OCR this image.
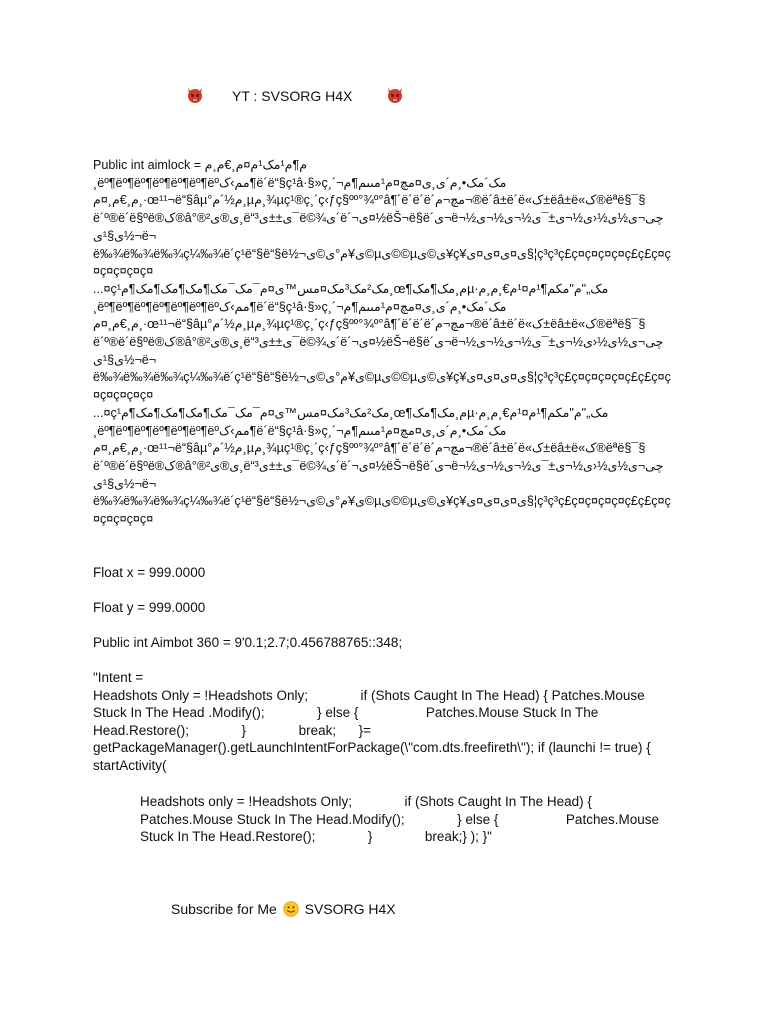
YT : SVSORG H4X
Public int aimlock = م¶م¹مک¹م¤م¸€م¸م
¸ëº¶ëº¶ëº¶ëº¶ëº¶ëº¶ëºمم›ک¶ë´ë“§ç¹â·§»ç¸´¬مک´مک•¸م´ى¸ى¤مچ¤م¹مںںم¶م
م¸€م¸¤م¸·œ¹¹¬ë“§âµ°م½´م¸µم¸¾µç¹®ç¸´ç‹ƒç§ºº°¾º°â¶´ë´ë´ë´مچ¬م¬®ë´â±ë´ë«ک±ëâ±ë«ک®ëªë§¯§
ë´º®ë´ë§ºë®ک®â°®²ى®ى¸ë“³ى±±ى¯ë©¾ى´ë´¬ى¤½ëŠ¬ë§ë´ى¬ëچى¬ى½ى½‹ى½¬ى±¯ى½¬ى½¬ى½¬ى§¹ى½¬ë¬
ë‰¾ë‰¾ë‰¾ç¼‰¾ë´ç¹ë“§ë“§ë½¬ى¥م°ى©ى©µى©©µى©ى¥ç¥ى¤ى¤ى¤ى§¦ç³ç³ç£ç¤ç¤ç¤ç¤ç£ç£ç¤ç¤ç¤ç¤ç¤ç¤
...¤ç¹مک²مک³مک¤مس™ى¤م¯مک¯مک¶مک¶مک¶مک¶م¸œ¶م¸مک¶مکµ·مک„"م"مکم¶¹م¤¹م€¸م¸م
¸ëº¶ëº¶ëº¶ëº¶ëº¶ëº¶ëºمم›ک¶ë´ë“§ç¹â·§»ç¸´¬مک´مک•¸م´ى¸ى¤مچ¤م¹مںںم¶م
م¸€م¸¤م¸·œ¹¹¬ë“§âµ°م½´م¸µم¸¾µç¹®ç¸´ç‹ƒç§ºº°¾º°â¶´ë´ë´ë´مچ¬م¬®ë´â±ë´ë«ک±ëâ±ë«ک®ëªë§¯§
ë´º®ë´ë§ºë®ک®â°®²ى®ى¸ë“³ى±±ى¯ë©¾ى´ë´¬ى¤½ëŠ¬ë§ë´ى¬ëچى¬ى½ى½‹ى½¬ى±¯ى½¬ى½¬ى½¬ى§¹ى½¬ë¬
ë‰¾ë‰¾ë‰¾ç¼‰¾ë´ç¹ë“§ë“§ë½¬ى¥م°ى©ى©µى©©µى©ى¥ç¥ى¤ى¤ى¤ى§¦ç³ç³ç£ç¤ç¤ç¤ç¤ç£ç£ç¤ç¤ç¤ç¤ç¤ç¤
...¤ç¹مک²مک³مک¤مس™ى¤م¯مک¯مک¶مک¶مک¶مک¶م¸œ¶م¸مک¶مکµ·مک„"م"مکم¶¹م¤¹م€¸م¸م
¸ëº¶ëº¶ëº¶ëº¶ëº¶ëº¶ëºمم›ک¶ë´ë“§ç¹â·§»ç¸´¬مک´مک•¸م´ى¸ى¤مچ¤م¹مںںم¶م
م¸€م¸¤م¸·œ¹¹¬ë“§âµ°م½´م¸µم¸¾µç¹®ç¸´ç‹ƒç§ºº°¾º°â¶´ë´ë´ë´مچ¬م¬®ë´â±ë´ë«ک±ëâ±ë«ک®ëªë§¯§
ë´º®ë´ë§ºë®ک®â°®²ى®ى¸ë“³ى±±ى¯ë©¾ى´ë´¬ى¤½ëŠ¬ë§ë´ى¬ëچى¬ى½ى½‹ى½¬ى±¯ى½¬ى½¬ى½¬ى§¹ى½¬ë¬
ë‰¾ë‰¾ë‰¾ç¼‰¾ë´ç¹ë“§ë“§ë½¬ى¥م°ى©ى©µى©©µى©ى¥ç¥ى¤ى¤ى¤ى§¦ç³ç³ç£ç¤ç¤ç¤ç¤ç£ç£ç¤ç¤ç¤ç¤ç¤ç¤

Float x = 999.0000
Float y = 999.0000
Public int Aimbot 360 = 9'0.1;2.7;0.456788765::348;
"Intent =
Headshots Only = !Headshots Only;              if (Shots Caught In The Head) { Patches.Mouse Stuck In The Head .Modify();              } else {                  Patches.Mouse Stuck In The Head.Restore();              }              break;      }= getPackageManager().getLaunchIntentForPackage(\"com.dts.freefireth\"); if (launchi != true) { startActivity(
Headshots only = !Headshots Only;              if (Shots Caught In The Head) { Patches.Mouse Stuck In The Head.Modify();              } else {                  Patches.Mouse Stuck In The Head.Restore();              }              break;} ); }"
Subscribe for Me SVSORG H4X
